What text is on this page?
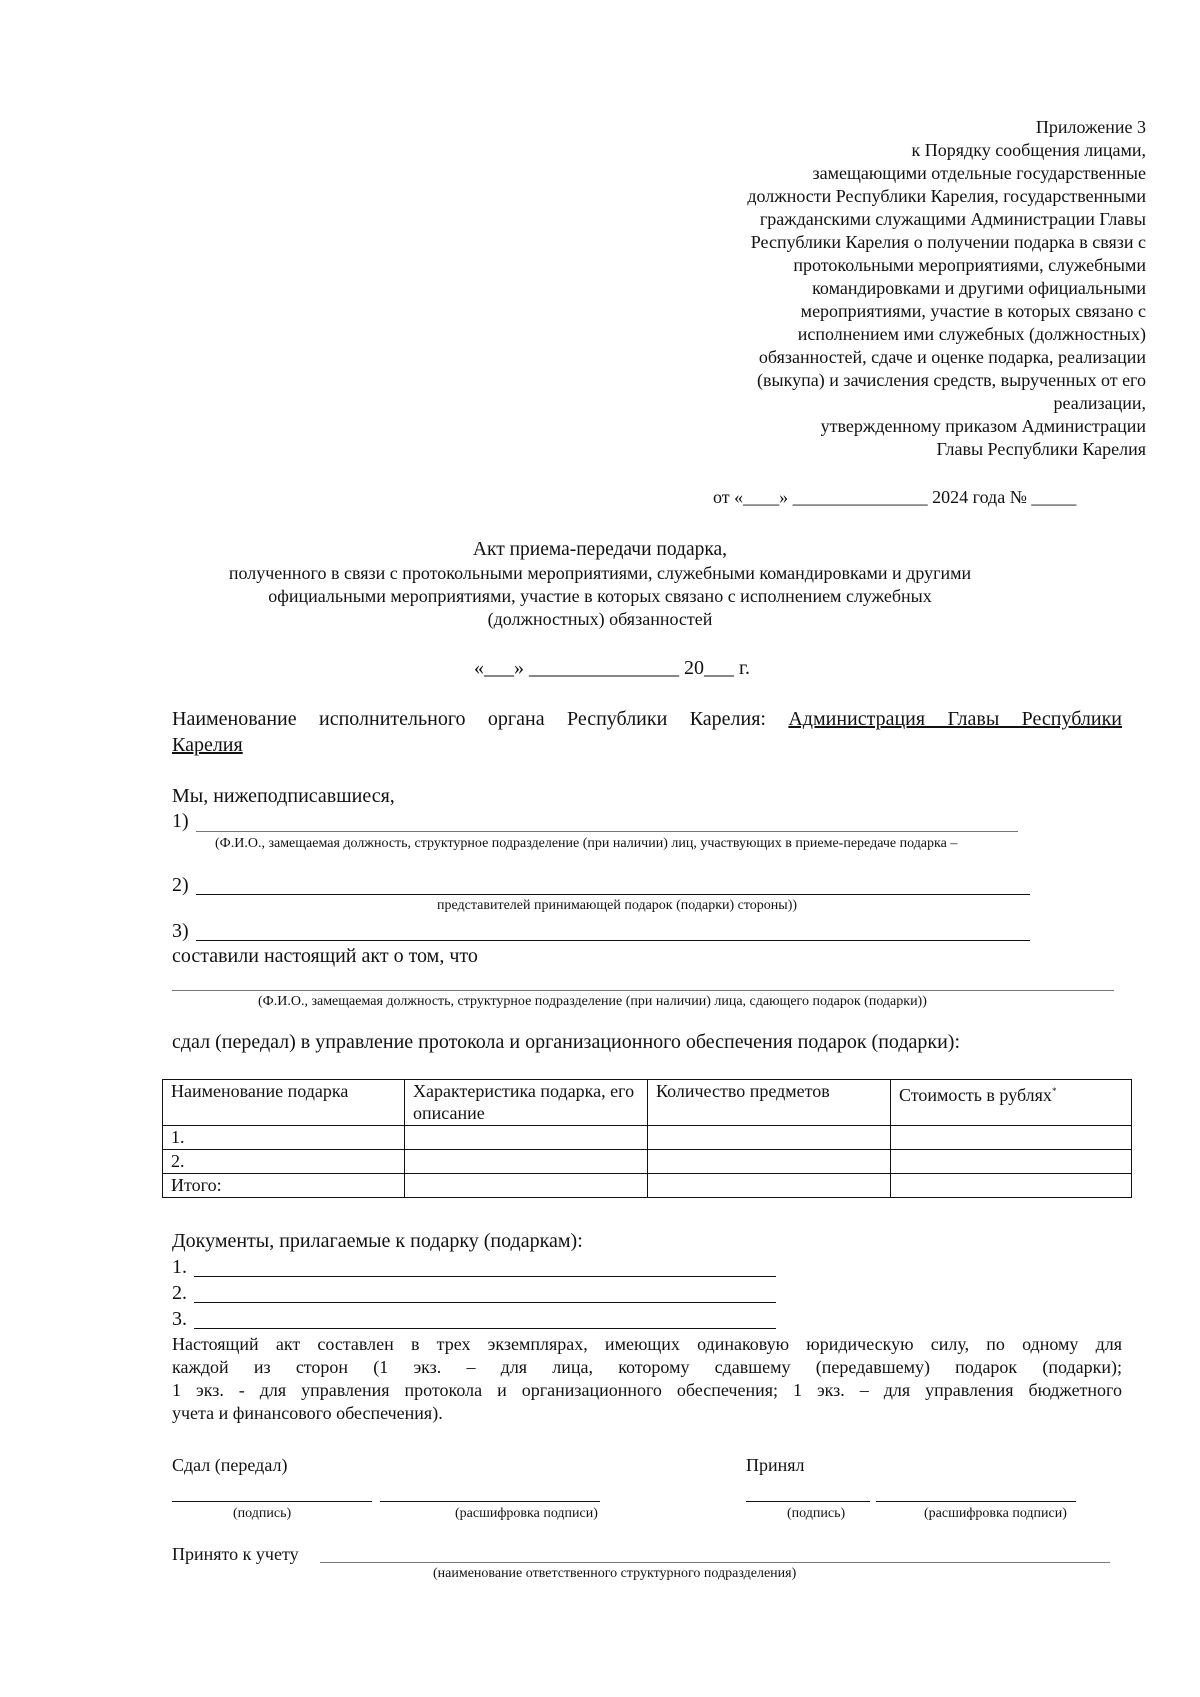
Приложение 3
к Порядку сообщения лицами,
замещающими отдельные государственные
должности Республики Карелия, государственными
гражданскими служащими Администрации Главы
Республики Карелия о получении подарка в связи с
протокольными мероприятиями, служебными
командировками и другими официальными
мероприятиями, участие в которых связано с
исполнением ими служебных (должностных)
обязанностей, сдаче и оценке подарка, реализации
(выкупа) и зачисления средств, вырученных от его
реализации,
утвержденному приказом Администрации
Главы Республики Карелия
от «____» _______________ 2024 года № _____
Акт приема-передачи подарка,
полученного в связи с протокольными мероприятиями, служебными командировками и другими
официальными мероприятиями, участие в которых связано с исполнением служебных
(должностных) обязанностей
«___» _______________ 20___ г.
Наименование исполнительного органа Республики Карелия: Администрация Главы Республики
Карелия
Мы, нижеподписавшиеся,
1)
(Ф.И.О., замещаемая должность, структурное подразделение (при наличии) лиц, участвующих в приеме-передаче подарка –
2)
представителей принимающей подарок (подарки) стороны))
3)
составили настоящий акт о том, что
(Ф.И.О., замещаемая должность, структурное подразделение (при наличии) лица, сдающего подарок (подарки))
сдал (передал) в управление протокола и организационного обеспечения подарок (подарки):
Наименование подарка	Характеристика подарка, его описание	Количество предметов	Стоимость в рублях*
1.			
2.			
Итого:			
Документы, прилагаемые к подарку (подаркам):
1.
2.
3.
Настоящий акт составлен в трех экземплярах, имеющих одинаковую юридическую силу, по одному для
каждой из сторон (1 экз. – для лица, которому сдавшему (передавшему) подарок (подарки);
1 экз. - для управления протокола и организационного обеспечения; 1 экз. – для управления бюджетного
учета и финансового обеспечения).
Сдал (передал)	Принял
(подпись)	(расшифровка подписи)	(подпись)	(расшифровка подписи)
Принято к учету
(наименование ответственного структурного подразделения)
